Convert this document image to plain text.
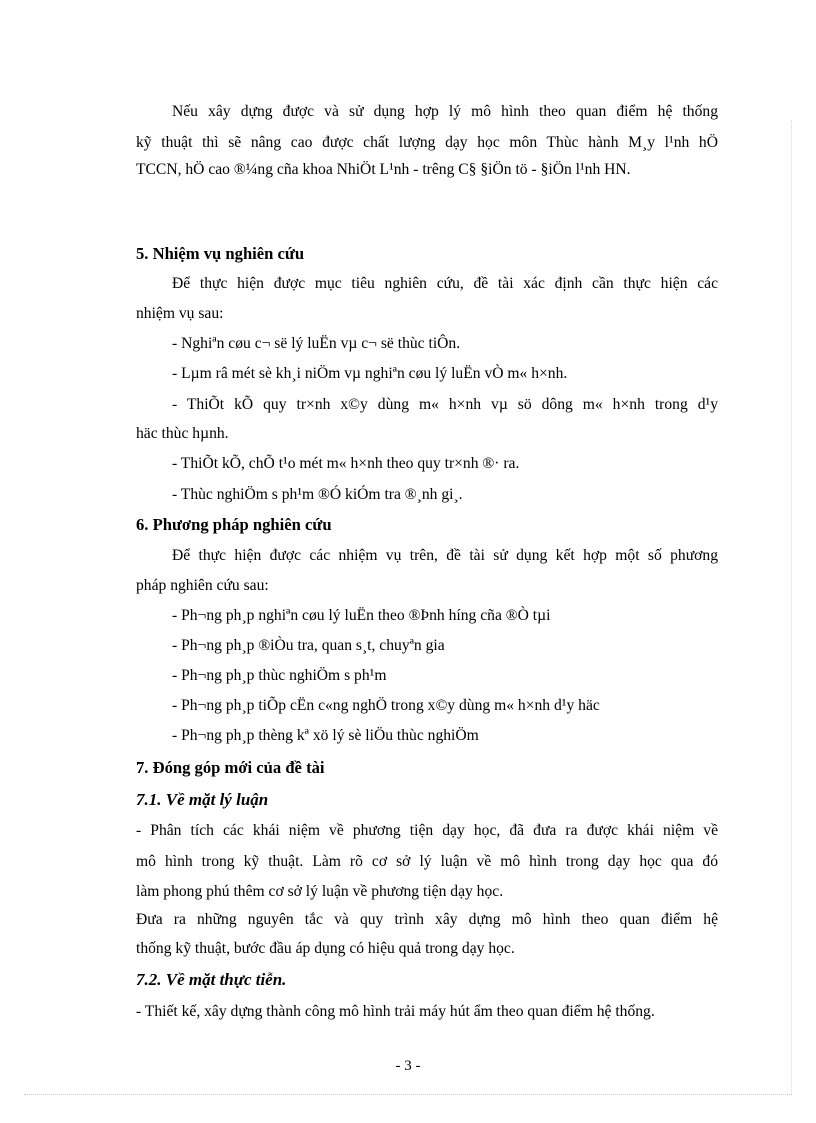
Nếu xây dựng được và sử dụng hợp lý mô hình theo quan điểm hệ thống
kỹ thuật thì sẽ nâng cao được chất lượng dạy học môn Thùc hành M¸y l¹nh hÖ
TCCN, hÖ cao ®¼ng cña khoa NhiÖt L¹nh - trêng C§ §iÖn tö - §iÖn l¹nh HN.
5. Nhiệm vụ nghiên cứu
Để thực hiện được mục tiêu nghiên cứu, đề tài xác định cần thực hiện các
nhiệm vụ sau:
- Nghiªn cøu c¬ së lý luËn vµ c¬ së thùc tiÔn.
- Lµm râ mét sè kh¸i niÖm vµ nghiªn cøu lý luËn vÒ m« h×nh.
- ThiÕt kÕ quy tr×nh x©y dùng m« h×nh vµ sö dông m« h×nh trong d¹y
häc thùc hµnh.
- ThiÕt kÕ, chÕ t¹o mét m« h×nh theo quy tr×nh ®· ra.
- Thùc nghiÖm s ph¹m ®Ó kiÓm tra ®¸nh gi¸.
6. Phương pháp nghiên cứu
Để thực hiện được các nhiệm vụ trên, đề tài sử dụng kết hợp một số phương
pháp nghiên cứu sau:
- Ph¬ng ph¸p nghiªn cøu lý luËn theo ®Þnh híng cña ®Ò tµi
- Ph¬ng ph¸p ®iÒu tra, quan s¸t, chuyªn gia
- Ph¬ng ph¸p thùc nghiÖm s ph¹m
- Ph¬ng ph¸p tiÕp cËn c«ng nghÖ trong x©y dùng m« h×nh d¹y häc
- Ph¬ng ph¸p thèng kª xö lý sè liÖu thùc nghiÖm
7. Đóng góp mới của đề tài
7.1. Về mặt lý luận
- Phân tích các khái niệm về phương tiện dạy học, đã đưa ra được khái niệm về
mô hình trong kỹ thuật. Làm rõ cơ sở lý luận về mô hình trong dạy học qua đó
làm phong phú thêm cơ sở lý luận về phương tiện dạy học.
Đưa ra những nguyên tắc và quy trình xây dựng mô hình theo quan điểm hệ
thống kỹ thuật, bước đầu áp dụng có hiệu quả trong dạy học.
7.2. Về mặt thực tiễn.
- Thiết kế, xây dựng thành công mô hình trải máy hút ẩm theo quan điểm hệ thống.
- 3 -
